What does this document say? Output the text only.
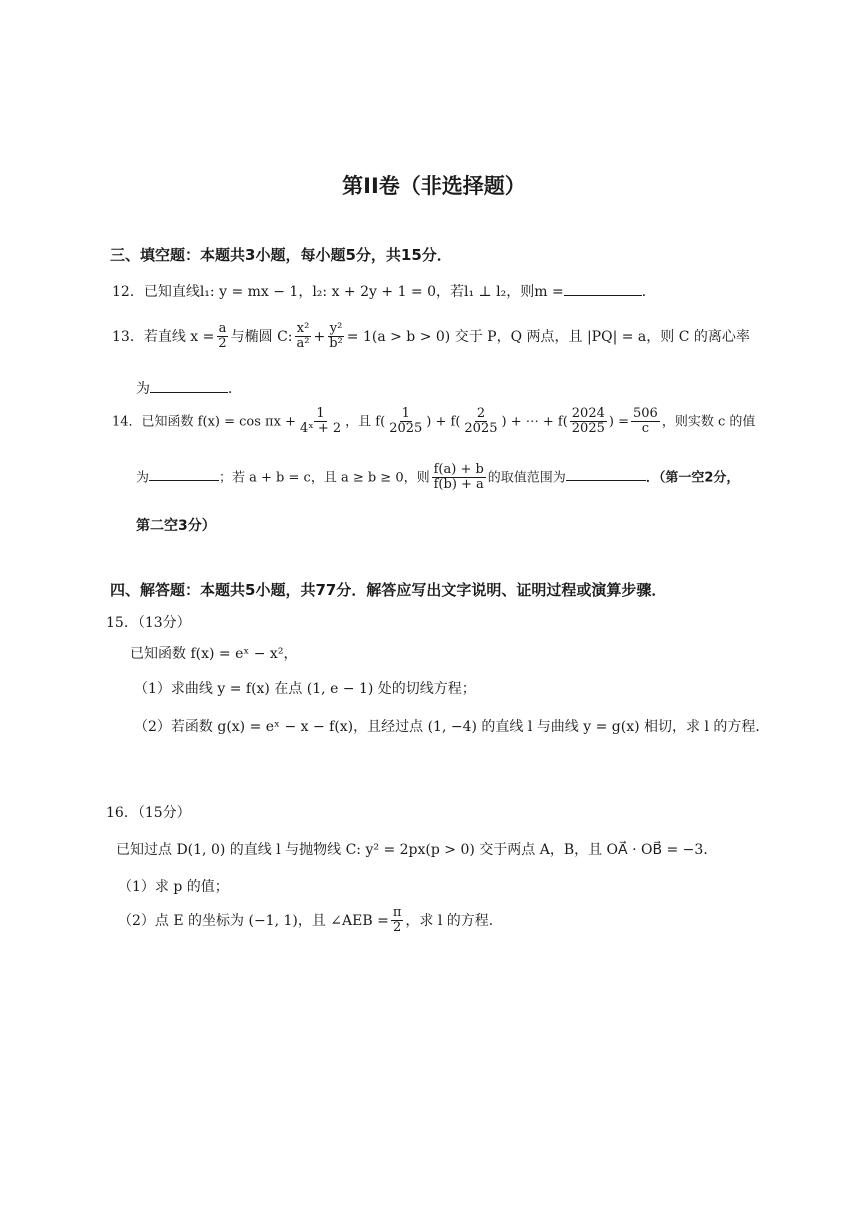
第II卷（非选择题）
三、填空题：本题共3小题，每小题5分，共15分．
12．已知直线l₁: y = mx − 1，l₂: x + 2y + 1 = 0，若l₁ ⊥ l₂，则m =	．
13．若直线 $x = \frac{a}{2}$ 与椭圆 C: $\frac{\text{x²}}{\text{a²}} + \frac{\text{y²}}{\text{b²}} = 1(a > b > 0)$ 交于 P，Q 两点，且 |PQ| = a，则 C 的离心率
为	．
14．已知函数 $f(x) = \cos \pi x + \frac{1}{\text{4ˣ + 2}}$ ，且 $f( \frac{1}{2025}$ ) + $f( \frac{2}{2025}$ ) + ⋯ + $f( \frac{2024}{2025}$ ) = $\frac{506}{c}$ ，则实数 c 的值
为	；若 a + b = c，且 a ≥ b ≥ 0，则 $\frac{f(a) + b}{f(b) + a}$ 的取值范围为	．（第一空2分，
第二空3分）
四、解答题：本题共5小题，共77分．解答应写出文字说明、证明过程或演算步骤．
15．（13分）
已知函数 f(x) = eˣ − x²，
（1）求曲线 y = f(x) 在点 (1, e − 1) 处的切线方程；
（2）若函数 g(x) = eˣ − x − f(x)，且经过点 (1, −4) 的直线 l 与曲线 y = g(x) 相切，求 l 的方程．
16．（15分）
已知过点 D(1, 0) 的直线 l 与抛物线 C: y² = 2px(p > 0) 交于两点 A，B，且 OA⃗ · OB⃗ = −3．
（1）求 p 的值；
（2）点 E 的坐标为 (−1, 1)，且 ∠AEB = $\frac{\pi}{2}$ ，求 l 的方程．
